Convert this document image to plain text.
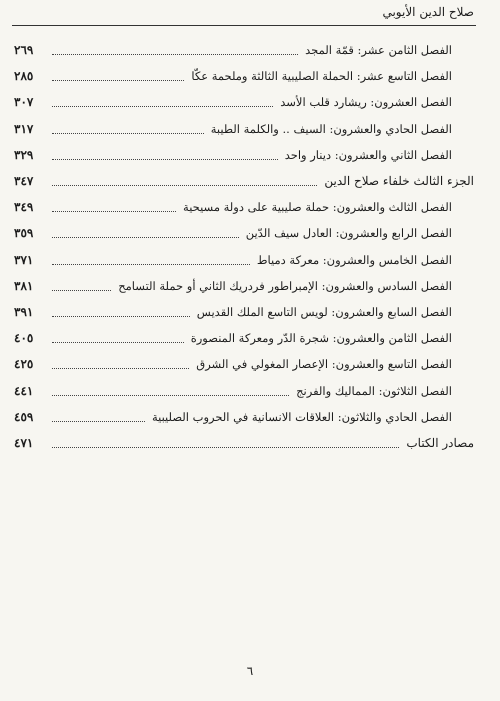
صلاح الدين الأيوبي
الفصل الثامن عشر: قمّة المجد
٢٦٩
الفصل التاسع عشر: الحملة الصليبية الثالثة وملحمة عكّا
٢٨٥
الفصل العشرون: ريشارد قلب الأسد
٣٠٧
الفصل الحادي والعشرون: السيف .. والكلمة الطيبة
٣١٧
الفصل الثاني والعشرون: دينار واحد
٣٢٩
الجزء الثالث خلفاء صلاح الدين
٣٤٧
الفصل الثالث والعشرون: حملة صليبية على دولة مسيحية
٣٤٩
الفصل الرابع والعشرون: العادل سيف الدّين
٣٥٩
الفصل الخامس والعشرون: معركة دمياط
٣٧١
الفصل السادس والعشرون: الإمبراطور فردريك الثاني أو حملة التسامح
٣٨١
الفصل السابع والعشرون: لويس التاسع الملك القديس
٣٩١
الفصل الثامن والعشرون: شجرة الدّر ومعركة المنصورة
٤٠٥
الفصل التاسع والعشرون: الإعصار المغولي في الشرق
٤٢٥
الفصل الثلاثون: المماليك والفرنج
٤٤١
الفصل الحادي والثلاثون: العلاقات الانسانية في الحروب الصليبية
٤٥٩
مصادر الكتاب
٤٧١
٦
